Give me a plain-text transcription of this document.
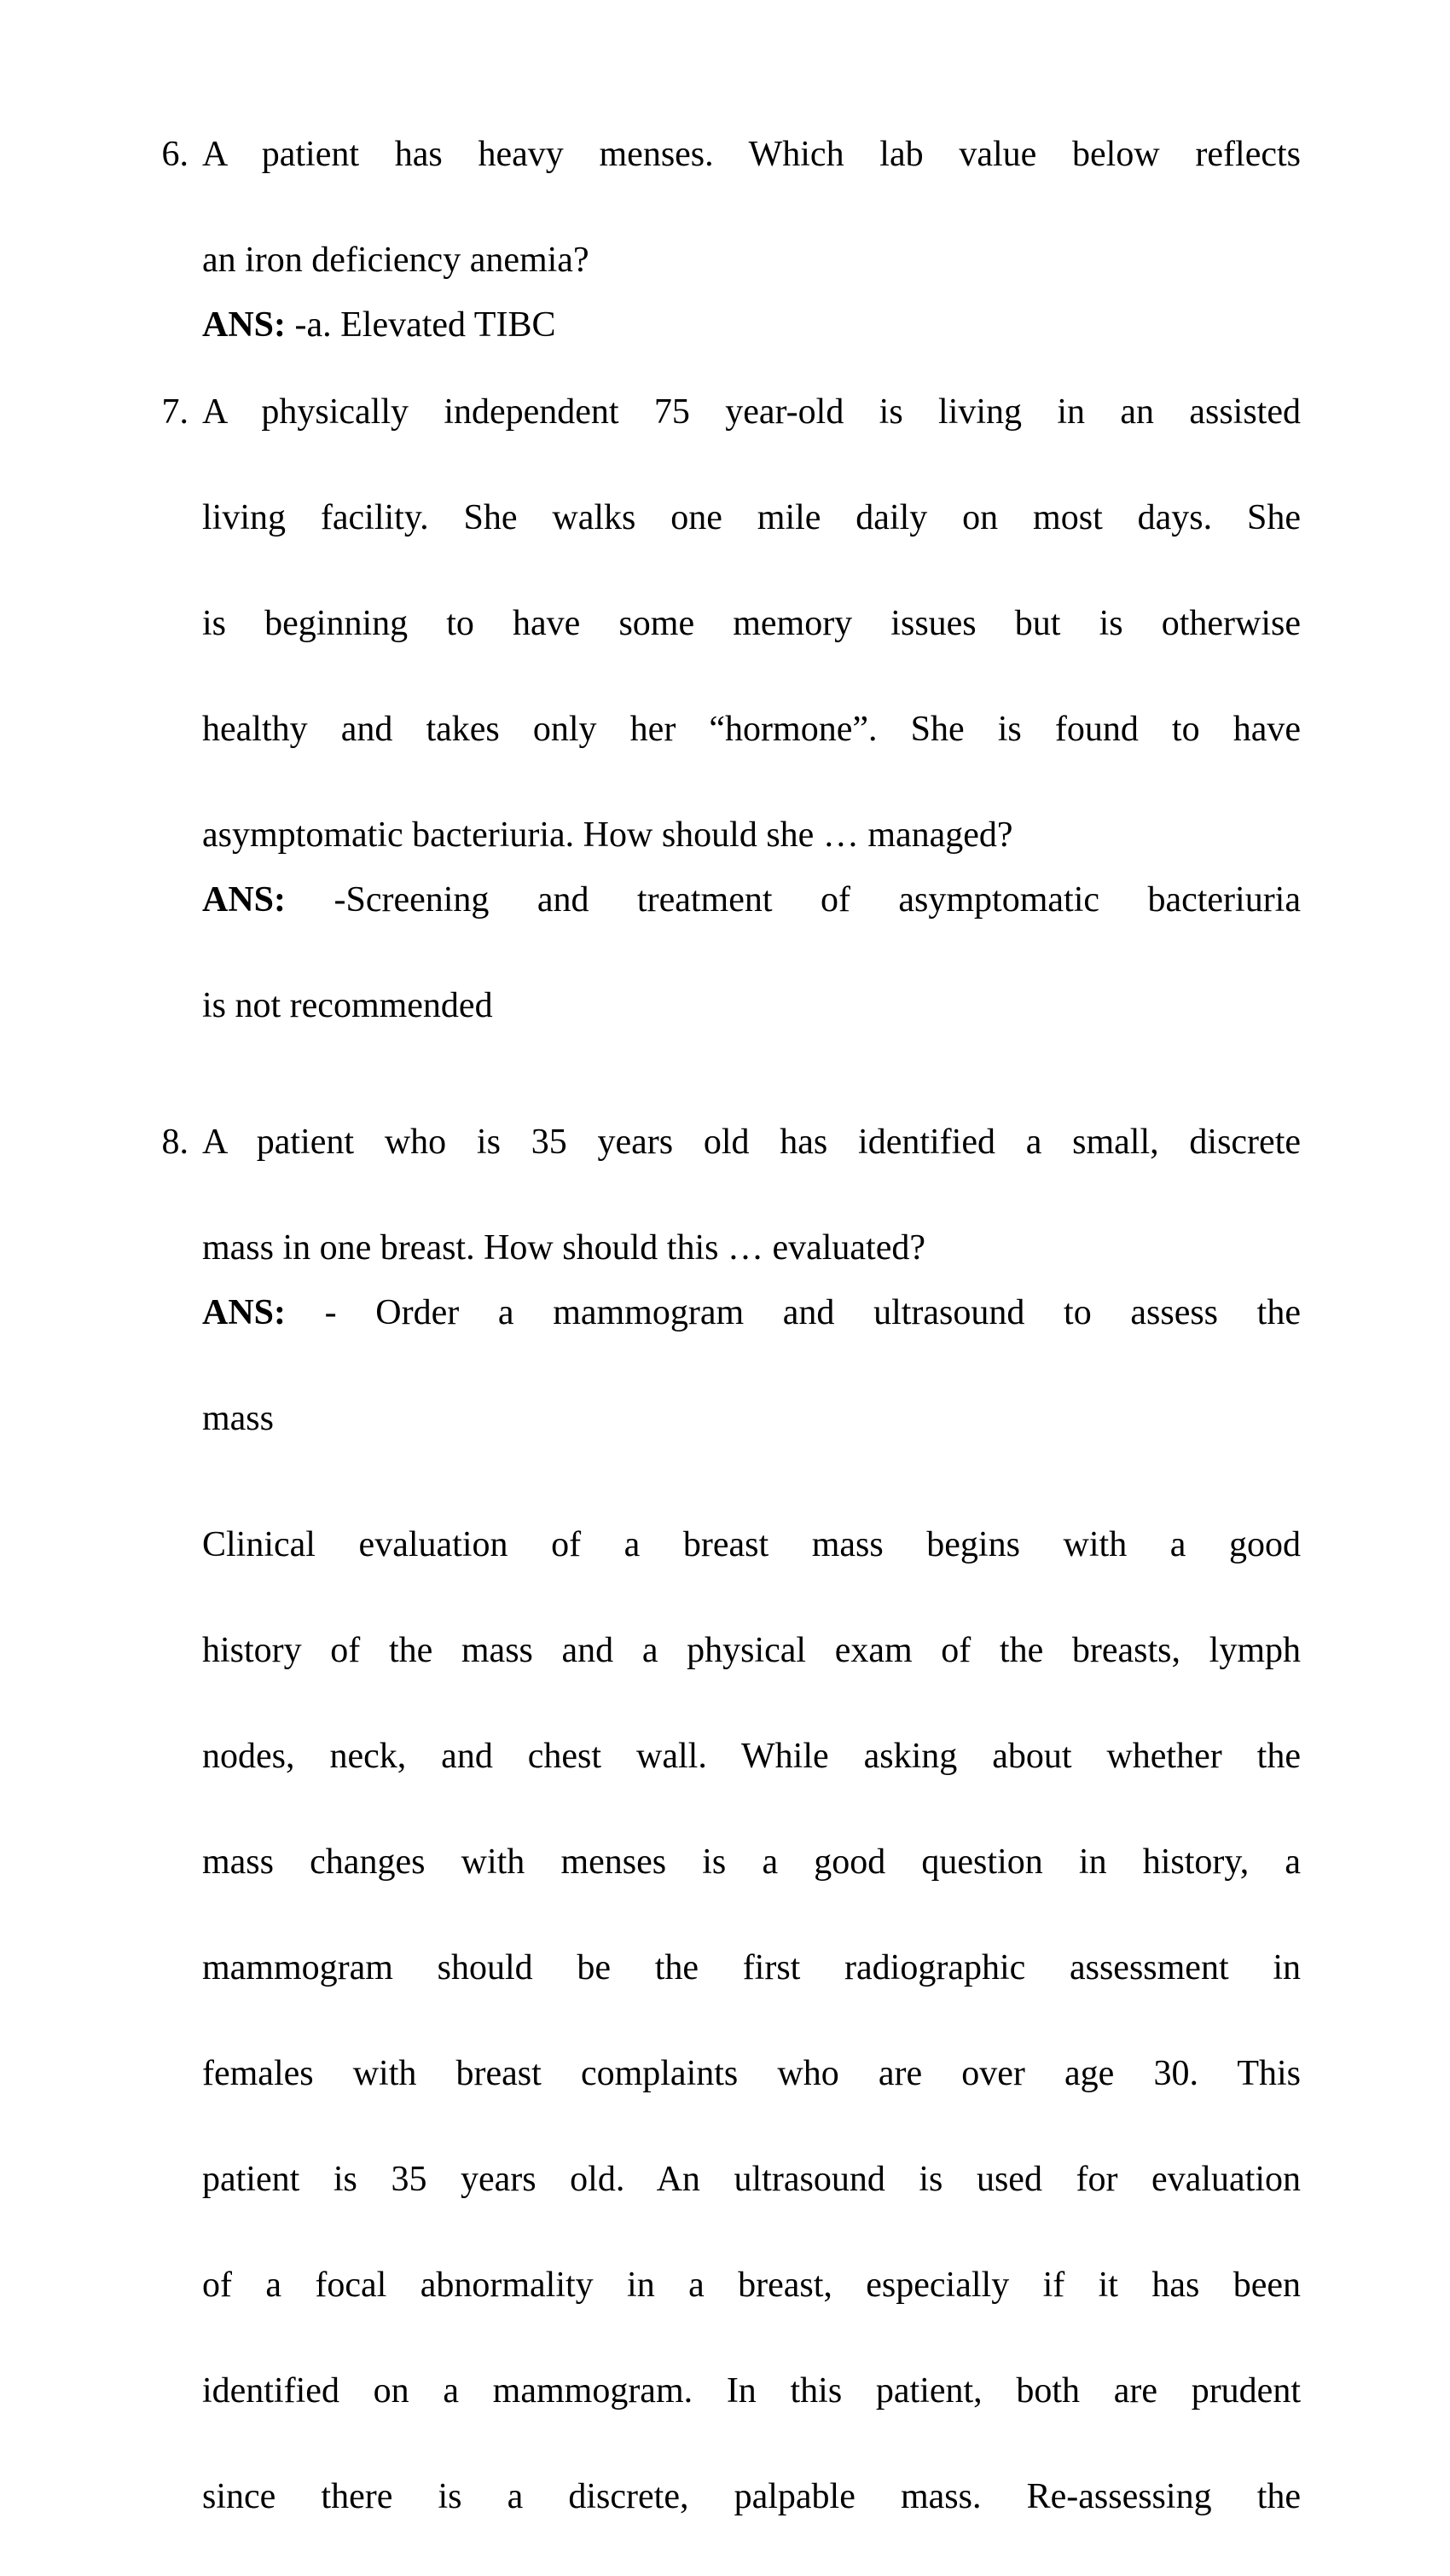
6. A patient has heavy menses. Which lab value below reflects
an iron deficiency anemia?
ANS: -a. Elevated TIBC
7. A physically independent 75 year-old is living in an assisted
living facility. She walks one mile daily on most days. She
is beginning to have some memory issues but is otherwise
healthy and takes only her “hormone”. She is found to have
asymptomatic bacteriuria. How should she … managed?
ANS: -Screening and treatment of asymptomatic bacteriuria
is not recommended
8. A patient who is 35 years old has identified a small, discrete
mass in one breast. How should this … evaluated?
ANS: - Order a mammogram and ultrasound to assess the
mass
Clinical evaluation of a breast mass begins with a good
history of the mass and a physical exam of the breasts, lymph
nodes, neck, and chest wall. While asking about whether the
mass changes with menses is a good question in history, a
mammogram should be the first radiographic assessment in
females with breast complaints who are over age 30. This
patient is 35 years old. An ultrasound is used for evaluation
of a focal abnormality in a breast, especially if it has been
identified on a mammogram. In this patient, both are prudent
since there is a discrete, palpable mass. Re-assessing the
